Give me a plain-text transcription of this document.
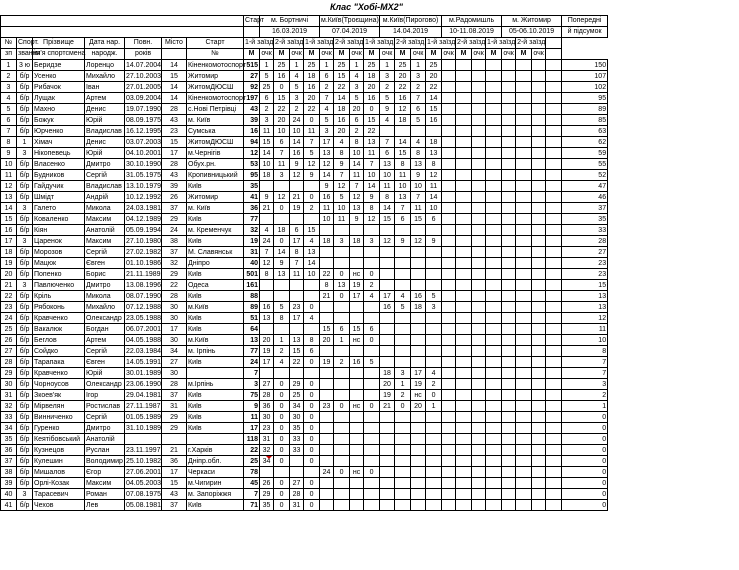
Клас "Хобі-МХ2"
							Старт	м. Бортничі				м.Київ(Троєщина)				м.Київ(Пирогово)				м.Радомишль				м. Житомир				Попередні
								16.03.2019				07.04.2019				14.04.2019				10-11.08.2019				05-06.10.2019				й підсумок
№	Спорт.	Прізвище	Дата нар.	Повн.	Місто	Старт	1-й заїзд		2-й заїзд		1-й заїзд		2-й заїзд		1-й заїзд		2-й заїзд		1-й заїзд		2-й заїзд		1-й заїзд		2-й заїзд			
зп	звання	ім'я спортсмена	народж.	років		№	М	очк	М	очк	М	очк	М	очк	М	очк	М	очк	М	очк	М	очк	М	очк	М	очк		
1	3 ю	Беридзе	Лоренцо	14.07.2004	14	Кіненкомотоспорт	515	1	25	1	25	1	25	1	25	1	25	1	25									150
2	б/р	Усенко	Михайло	27.10.2003	15	Житомир	27	5	16	4	18	6	15	4	18	3	20	3	20									107
3	б/р	Рибачок	Іван	27.01.2005	14	ЖитомДЮСШ	92	25	0	5	16	2	22	3	20	2	22	2	22									102
4	б/р	Лущак	Артем	03.09.2004	14	Кіненкомотоспорт	197	6	15	3	20	7	14	5	16	5	16	7	14									95
5	б/р	Махно	Денис	19.07.1990	28	с.Нові Петрівці	43	2	22	2	22	4	18	20	0	9	12	6	15									89
6	б/р	Божук	Юрій	08.09.1975	43	м. Київ	39	3	20	24	0	5	16	6	15	4	18	5	16									85
7	б/р	Юрченко	Владислав	16.12.1995	23	Сумська	16	11	10	10	11	3	20	2	22													63
8	1	Хімач	Денис	03.07.2003	15	ЖитомДЮСШ	94	15	6	14	7	17	4	8	13	7	14	4	18									62
9	3	Нікопевець	Юрій	04.10.2001	17	м.Чернігів	12	14	7	16	5	13	8	10	11	6	15	8	13									59
10	б/р	Власенко	Дмитро	30.10.1990	28	Обух.рн.	53	10	11	9	12	12	9	14	7	13	8	13	8									55
11	б/р	Будников	Сергій	31.05.1975	43	Кропивницький	95	18	3	12	9	14	7	11	10	10	11	9	12									52
12	б/р	Гайдучик	Владислав	13.10.1979	39	Київ	35					9	12	7	14	11	10	10	11									47
13	б/р	Шмідт	Андрій	10.12.1992	26	Житомир	41	9	12	21	0	16	5	12	9	8	13	7	14									46
14	3	Галето	Микола	24.03.1981	37	м. Київ	36	21	0	19	2	11	10	13	8	14	7	11	10									37
15	б/р	Коваленко	Максим	04.12.1989	29	Київ	77					10	11	9	12	15	6	15	6									35
16	б/р	Кіян	Анатолій	05.09.1994	24	м. Кременчук	32	4	18	6	15																	33
17	3	Царенок	Максим	27.10.1980	38	Київ	19	24	0	17	4	18	3	18	3	12	9	12	9									28
18	б/р	Морозов	Сергій	27.02.1982	37	М. Славянськ	31	7	14	8	13																	27
19	б/р	Мацюк	Євген	01.10.1986	32	Дніпро	40	12	9	7	14																	23
20	б/р	Попенко	Борис	21.11.1989	29	Київ	501	8	13	11	10	22	0	нс	0													23
21	3	Павлюченко	Дмитро	13.08.1996	22	Одеса	161					8	13	19	2													15
22	б/р	Кріль	Микола	08.07.1990	28	Київ	88					21	0	17	4	17	4	16	5									13
23	б/р	Рябоконь	Михайло	07.12.1988	30	м.Київ	89	16	5	23	0					16	5	18	3									13
24	б/р	Кравченко	Олександр	23.05.1988	30	Київ	51	13	8	17	4																	12
25	б/р	Вакалюк	Богдан	06.07.2001	17	Київ	64					15	6	15	6													11
26	б/р	Беглов	Артем	04.05.1988	30	м.Київ	13	20	1	13	8	20	1	нс	0													10
27	б/р	Сойдко	Сергій	22.03.1984	34	м. Ірпінь	77	19	2	15	6																	8
28	б/р	Тарапака	Євген	14.05.1991	27	Київ	24	17	4	22	0	19	2	16	5													7
29	б/р	Кравченко	Юрій	30.01.1989	30		7									18	3	17	4									7
30	б/р	Чорноусов	Олександр	23.06.1990	28	м.Ірпінь	3	27	0	29	0					20	1	19	2									3
31	б/р	Зкоев'як	Ігор	29.04.1981	37	Київ	75	28	0	25	0					19	2	нс	0									2
32	б/р	Мірвелян	Ростислав	27.11.1987	31	Київ	9	36	0	34	0	23	0	нс	0	21	0	20	1									1
33	б/р	Винниченко	Сергій	01.05.1989	29	Київ	11	30	0	30	0																	0
34	б/р	Гуренко	Дмитро	31.10.1989	29	Київ	17	23	0	35	0																	0
35	б/р	Кеятібовський	Анатолій				118	31	0	33	0																	0
36	б/р	Кузнецов	Руслан	23.11.1997	21	г.Харків	22	32	0	33	0																	0
37	б/р	Кулешин	Володимир	25.10.1982	36	Дніпр.обл.	25	34	0		0																	0
38	б/р	Мишалов	Єгор	27.06.2001	17	Черкаси	78					24	0	нс	0													0
39	б/р	Орлі-Козак	Максим	04.05.2003	15	м.Чигирин	45	26	0	27	0																	0
40	3	Тарасевич	Роман	07.08.1975	43	м. Запоріжжя	7	29	0	28	0																	0
41	б/р	Чехов	Лев	05.08.1981	37	Київ	71	35	0	31	0																	0
